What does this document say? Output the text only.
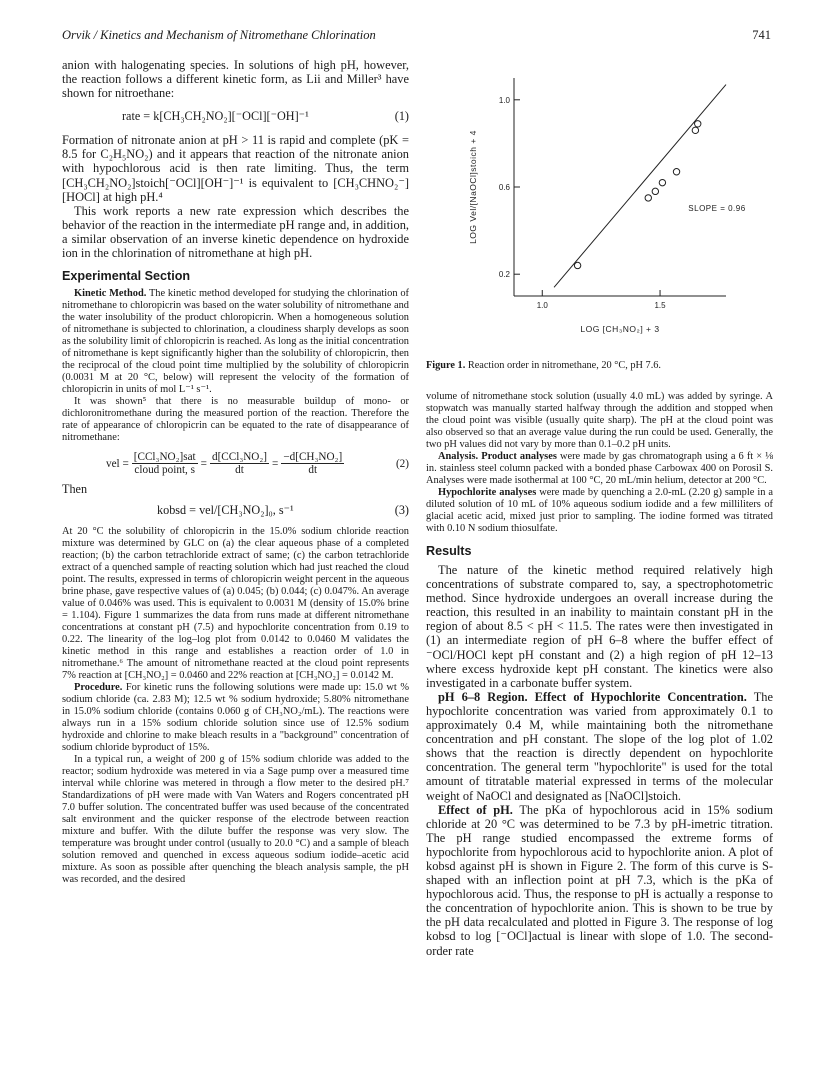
Orvik / Kinetics and Mechanism of Nitromethane Chlorination	741

anion with halogenating species. In solutions of high pH, however, the reaction follows a different kinetic form, as Lii and Miller³ have shown for nitroethane:

rate = k[CH₃CH₂NO₂][⁻OCl][⁻OH]⁻¹	(1)

Formation of nitronate anion at pH > 11 is rapid and complete (pK = 8.5 for C₂H₅NO₂) and it appears that reaction of the nitronate anion with hypochlorous acid is then rate limiting. Thus, the term [CH₃CH₂NO₂]stoich[⁻OCl][OH⁻]⁻¹ is equivalent to [CH₃CHNO₂⁻][HOCl] at high pH.⁴

This work reports a new rate expression which describes the behavior of the reaction in the intermediate pH range and, in addition, a similar observation of an inverse kinetic dependence on hydroxide ion in the chlorination of nitromethane at high pH.

Experimental Section

Kinetic Method. The kinetic method developed for studying the chlorination of nitromethane to chloropicrin was based on the water solubility of nitromethane and the water insolubility of the product chloropicrin. When a homogeneous solution of nitromethane is subjected to chlorination, a cloudiness sharply develops as soon as the solubility limit of chloropicrin is reached. As long as the initial concentration of nitromethane is kept significantly higher than the solubility of chloropicrin, then the reciprocal of the cloud point time multiplied by the solubility of chloropicrin (0.0031 M at 20 °C, below) will represent the velocity of the formation of chloropicrin in units of mol L⁻¹ s⁻¹.

It was shown⁵ that there is no measurable buildup of mono- or dichloronitromethane during the measured portion of the reaction. Therefore the rate of appearance of chloropicrin can be equated to the rate of disappearance of nitromethane:

vel = $\frac{\text{[CCl₃NO₂]sat}}{\text{cloud point, s}} = \frac{\text{d[CCl₃NO₂]}}{dt} = \frac{\text{−d[CH₃NO₂]}}{dt}$	(2)
Then
kobsd = vel/[CH₃NO₂]₀, s⁻¹	(3)

At 20 °C the solubility of chloropicrin in the 15.0% sodium chloride reaction mixture was determined by GLC on (a) the clear aqueous phase of a completed reaction; (b) the carbon tetrachloride extract of same; (c) the carbon tetrachloride extract of a quenched sample of reacting solution which had just reached the cloud point. The results, expressed in terms of chloropicrin weight percent in the aqueous brine phase, gave respective values of (a) 0.045; (b) 0.044; (c) 0.047%. An average value of 0.046% was used. This is equivalent to 0.0031 M (density of 15.0% brine = 1.104). Figure 1 summarizes the data from runs made at different nitromethane concentrations at constant pH (7.5) and hypochlorite concentration from 0.19 to 0.22. The linearity of the log–log plot from 0.0142 to 0.0460 M validates the kinetic method in this range and establishes a reaction order of 1.0 in nitromethane.⁶ The amount of nitromethane reacted at the cloud point represents 7% reaction at [CH₃NO₂] = 0.0460 and 22% reaction at [CH₃NO₂] = 0.0142 M.

Procedure. For kinetic runs the following solutions were made up: 15.0 wt % sodium chloride (ca. 2.83 M); 12.5 wt % sodium hydroxide; 5.80% nitromethane in 15.0% sodium chloride (contains 0.060 g of CH₃NO₂/mL). The reactions were always run in a 15% sodium chloride solution since use of 12.5% sodium hydroxide and chlorine to make bleach results in a "background" concentration of sodium chloride byproduct of 15%.

In a typical run, a weight of 200 g of 15% sodium chloride was added to the reactor; sodium hydroxide was metered in via a Sage pump over a measured time interval while chlorine was metered in through a flow meter to the desired pH.⁷ Standardizations of pH were made with Van Waters and Rogers concentrated pH 7.0 buffer solution. The concentrated buffer was used because of the concentrated salt environment and the quicker response of the electrode between reaction mixture and buffer. With the dilute buffer the response was very slow. The temperature was brought under control (usually to 20.0 °C) and a sample of bleach solution removed and quenched in excess aqueous sodium iodide–acetic acid mixture. As soon as possible after quenching the bleach analysis sample, the pH was recorded, and the desired

0.2
0.6
1.0
1.0	1.5
SLOPE = 0.96
LOG [CH₃NO₂] + 3
LOG Vel/[NaOCl]stoich + 4
Figure 1. Reaction order in nitromethane, 20 °C, pH 7.6.

volume of nitromethane stock solution (usually 4.0 mL) was added by syringe. A stopwatch was manually started halfway through the addition and stopped when the cloud point was visible (usually quite sharp). The pH at the cloud point was also observed so that an average value during the run could be used. Generally, the two pH values did not vary by more than 0.1–0.2 pH units.

Analysis. Product analyses were made by gas chromatograph using a 6 ft × ⅛ in. stainless steel column packed with a bonded phase Carbowax 400 on Porosil S. Analyses were made isothermal at 100 °C, 20 mL/min helium, detector at 200 °C.

Hypochlorite analyses were made by quenching a 2.0-mL (2.20 g) sample in a diluted solution of 10 mL of 10% aqueous sodium iodide and a few milliliters of glacial acetic acid, mixed just prior to sampling. The iodine formed was titrated with 0.10 N sodium thiosulfate.

Results

The nature of the kinetic method required relatively high concentrations of substrate compared to, say, a spectrophotometric method. Since hydroxide undergoes an overall increase during the reaction, this resulted in an inability to maintain constant pH in the region of about 8.5 < pH < 11.5. The rates were then investigated in (1) an intermediate region of pH 6–8 where the buffer effect of ⁻OCl/HOCl kept pH constant and (2) a high region of pH 12–13 where excess hydroxide kept pH constant. The kinetics were also investigated in a carbonate buffer system.

pH 6–8 Region. Effect of Hypochlorite Concentration. The hypochlorite concentration was varied from approximately 0.1 to approximately 0.4 M, while maintaining both the nitromethane concentration and pH constant. The slope of the log plot of 1.02 shows that the reaction is directly dependent on hypochlorite concentration. The general term "hypochlorite" is used for the total amount of titratable material expressed in terms of the molecular weight of NaOCl and designated as [NaOCl]stoich.

Effect of pH. The pKa of hypochlorous acid in 15% sodium chloride at 20 °C was determined to be 7.3 by pH-imetric titration. The pH range studied encompassed the extreme forms of hypochlorite from hypochlorous acid to hypochlorite anion. A plot of kobsd against pH is shown in Figure 2. The form of this curve is S-shaped with an inflection point at pH 7.3, which is the pKa of hypochlorous acid. Thus, the response to pH is actually a response to the concentration of hypochlorite anion. This is shown to be true by the pH data recalculated and plotted in Figure 3. The response of log kobsd to log [⁻OCl]actual is linear with slope of 1.0. The second-order rate
